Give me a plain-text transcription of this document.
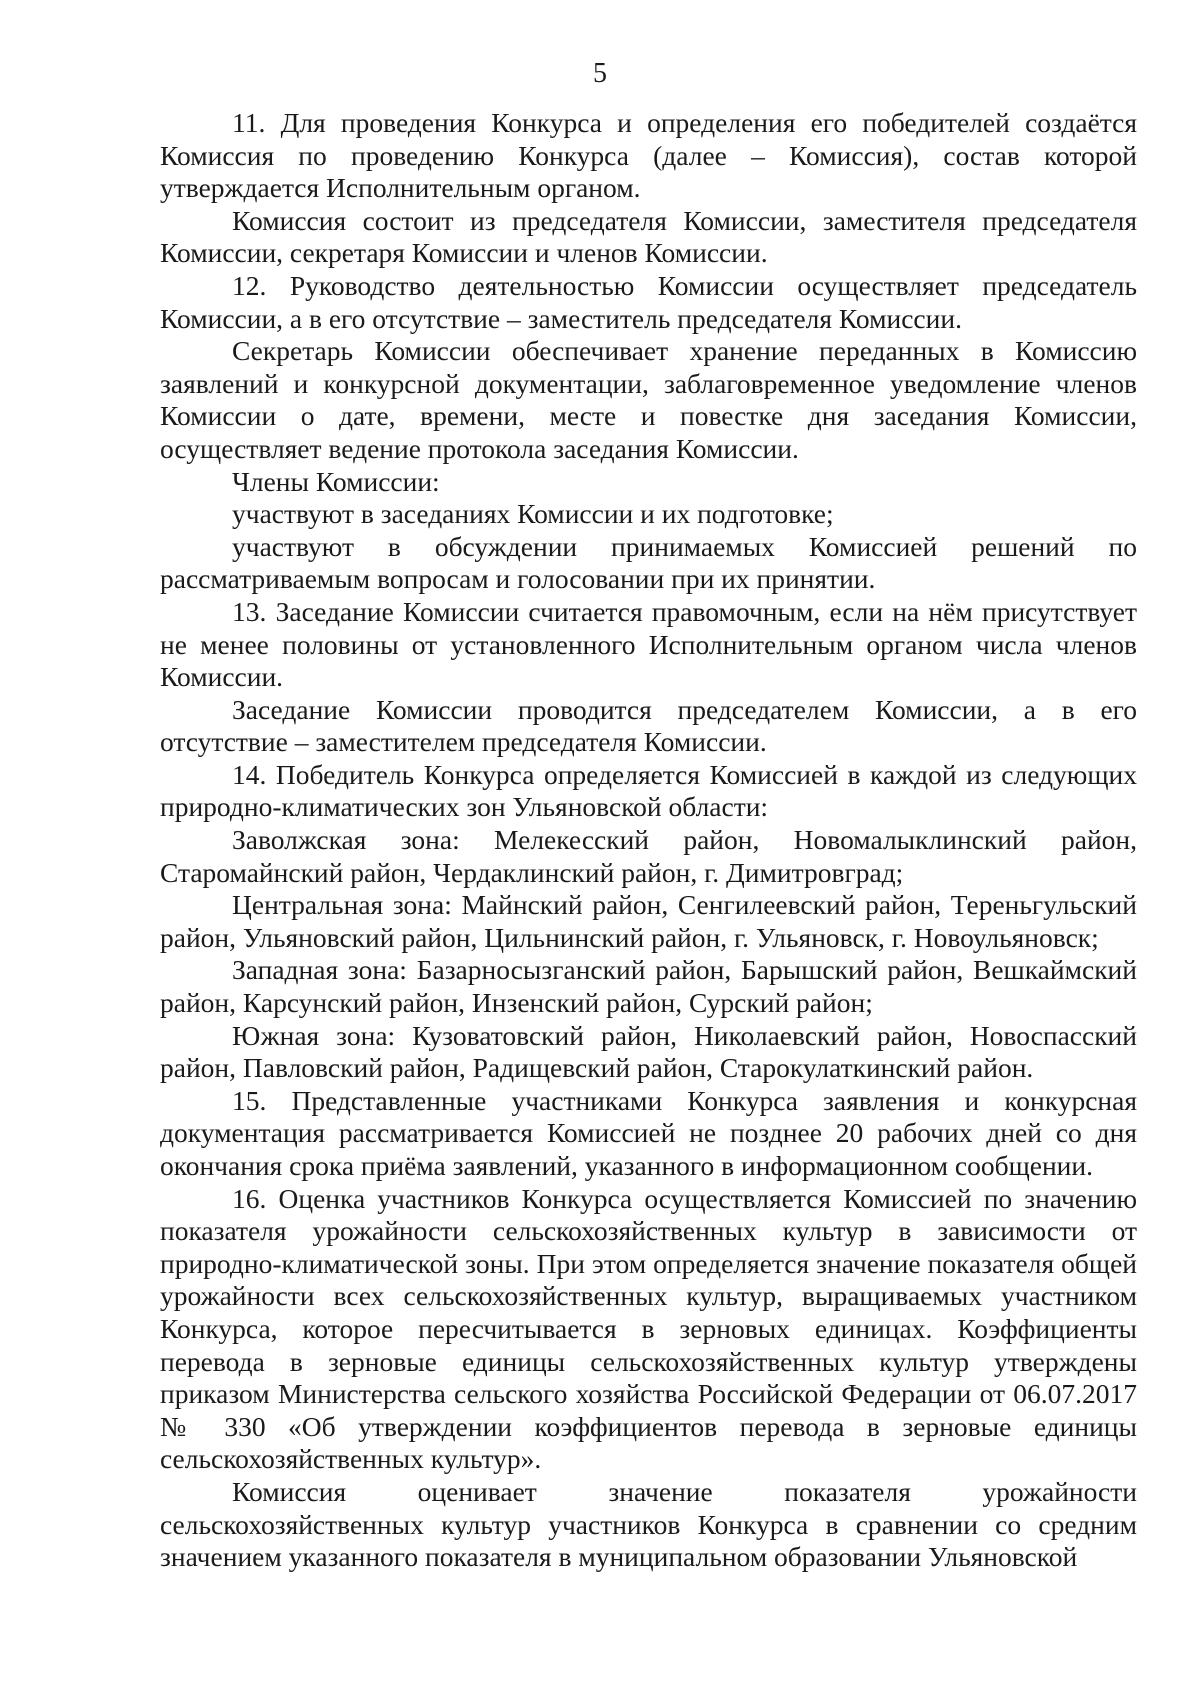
5

11. Для проведения Конкурса и определения его победителей создаётся Комиссия по проведению Конкурса (далее – Комиссия), состав которой утверждается Исполнительным органом.

Комиссия состоит из председателя Комиссии, заместителя председателя Комиссии, секретаря Комиссии и членов Комиссии.

12. Руководство деятельностью Комиссии осуществляет председатель Комиссии, а в его отсутствие – заместитель председателя Комиссии.

Секретарь Комиссии обеспечивает хранение переданных в Комиссию заявлений и конкурсной документации, заблаговременное уведомление членов Комиссии о дате, времени, месте и повестке дня заседания Комиссии, осуществляет ведение протокола заседания Комиссии.

Члены Комиссии:

участвуют в заседаниях Комиссии и их подготовке;

участвуют в обсуждении принимаемых Комиссией решений по рассматриваемым вопросам и голосовании при их принятии.

13. Заседание Комиссии считается правомочным, если на нём присутствует не менее половины от установленного Исполнительным органом числа членов Комиссии.

Заседание Комиссии проводится председателем Комиссии, а в его отсутствие – заместителем председателя Комиссии.

14. Победитель Конкурса определяется Комиссией в каждой из следующих природно-климатических зон Ульяновской области:

Заволжская зона: Мелекесский район, Новомалыклинский район, Старомайнский район, Чердаклинский район, г. Димитровград;

Центральная зона: Майнский район, Сенгилеевский район, Тереньгульский район, Ульяновский район, Цильнинский район, г. Ульяновск, г. Новоульяновск;

Западная зона: Базарносызганский район, Барышский район, Вешкаймский район, Карсунский район, Инзенский район, Сурский район;

Южная зона: Кузоватовский район, Николаевский район, Новоспасский район, Павловский район, Радищевский район, Старокулаткинский район.

15. Представленные участниками Конкурса заявления и конкурсная документация рассматривается Комиссией не позднее 20 рабочих дней со дня окончания срока приёма заявлений, указанного в информационном сообщении.

16. Оценка участников Конкурса осуществляется Комиссией по значению показателя урожайности сельскохозяйственных культур в зависимости от природно-климатической зоны. При этом определяется значение показателя общей урожайности всех сельскохозяйственных культур, выращиваемых участником Конкурса, которое пересчитывается в зерновых единицах. Коэффициенты перевода в зерновые единицы сельскохозяйственных культур утверждены приказом Министерства сельского хозяйства Российской Федерации от 06.07.2017 № 330 «Об утверждении коэффициентов перевода в зерновые единицы сельскохозяйственных культур».

Комиссия оценивает значение показателя урожайности сельскохозяйственных культур участников Конкурса в сравнении со средним значением указанного показателя в муниципальном образовании Ульяновской
